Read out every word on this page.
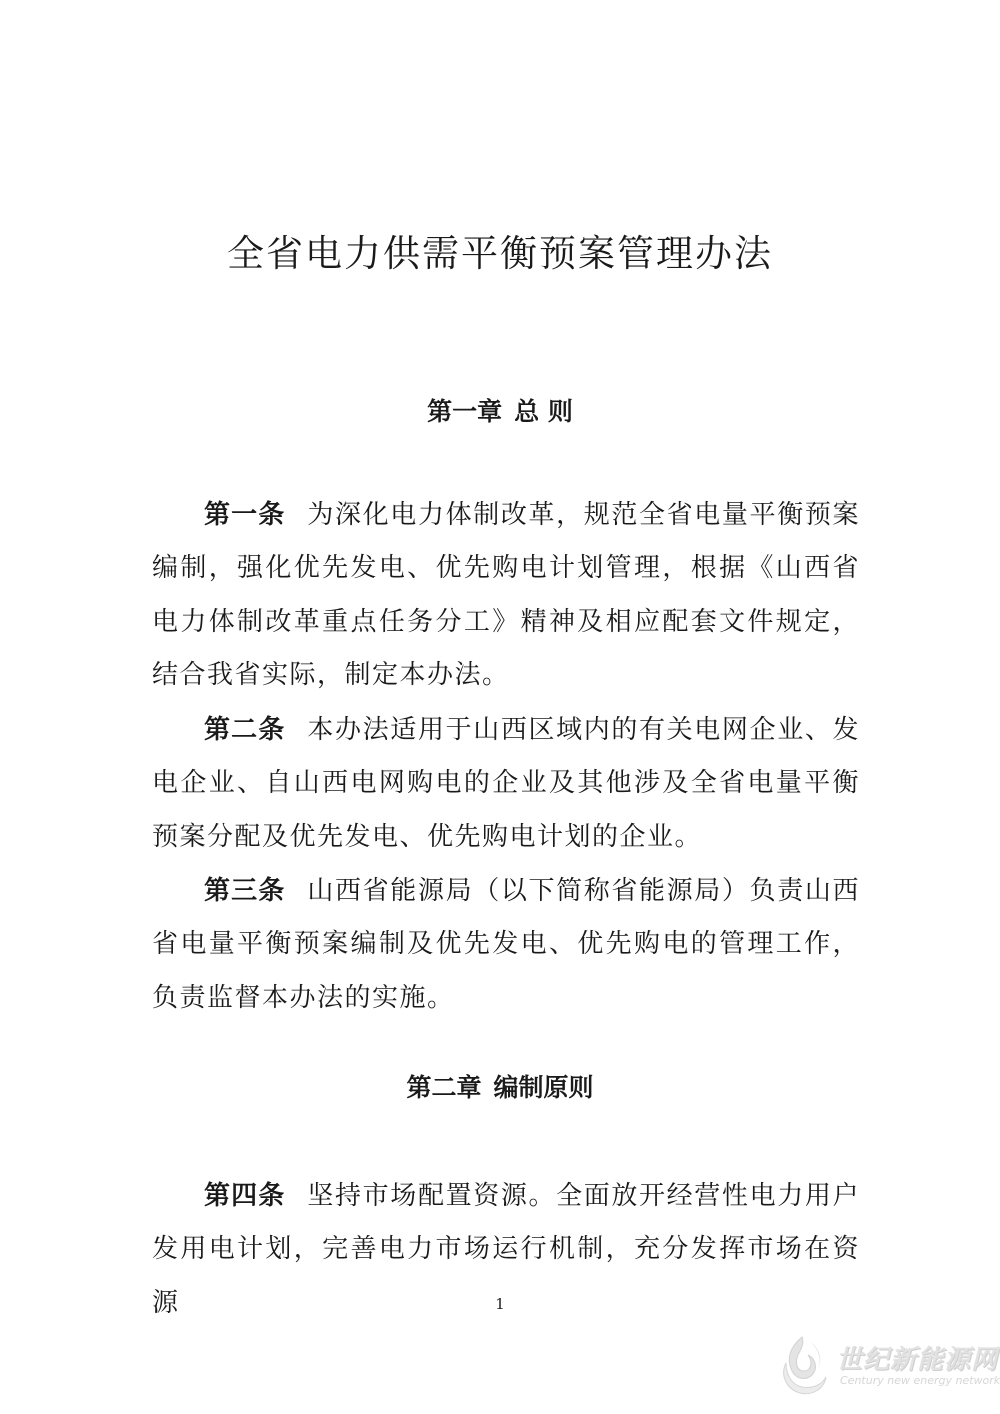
全省电力供需平衡预案管理办法
第一章 总 则

第一条 为深化电力体制改革，规范全省电量平衡预案编制，强化优先发电、优先购电计划管理，根据《山西省电力体制改革重点任务分工》精神及相应配套文件规定，结合我省实际，制定本办法。

第二条 本办法适用于山西区域内的有关电网企业、发电企业、自山西电网购电的企业及其他涉及全省电量平衡预案分配及优先发电、优先购电计划的企业。

第三条 山西省能源局（以下简称省能源局）负责山西省电量平衡预案编制及优先发电、优先购电的管理工作，负责监督本办法的实施。

第二章 编制原则

第四条 坚持市场配置资源。全面放开经营性电力用户发用电计划，完善电力市场运行机制，充分发挥市场在资源	1
世纪新能源网
Century new energy network
